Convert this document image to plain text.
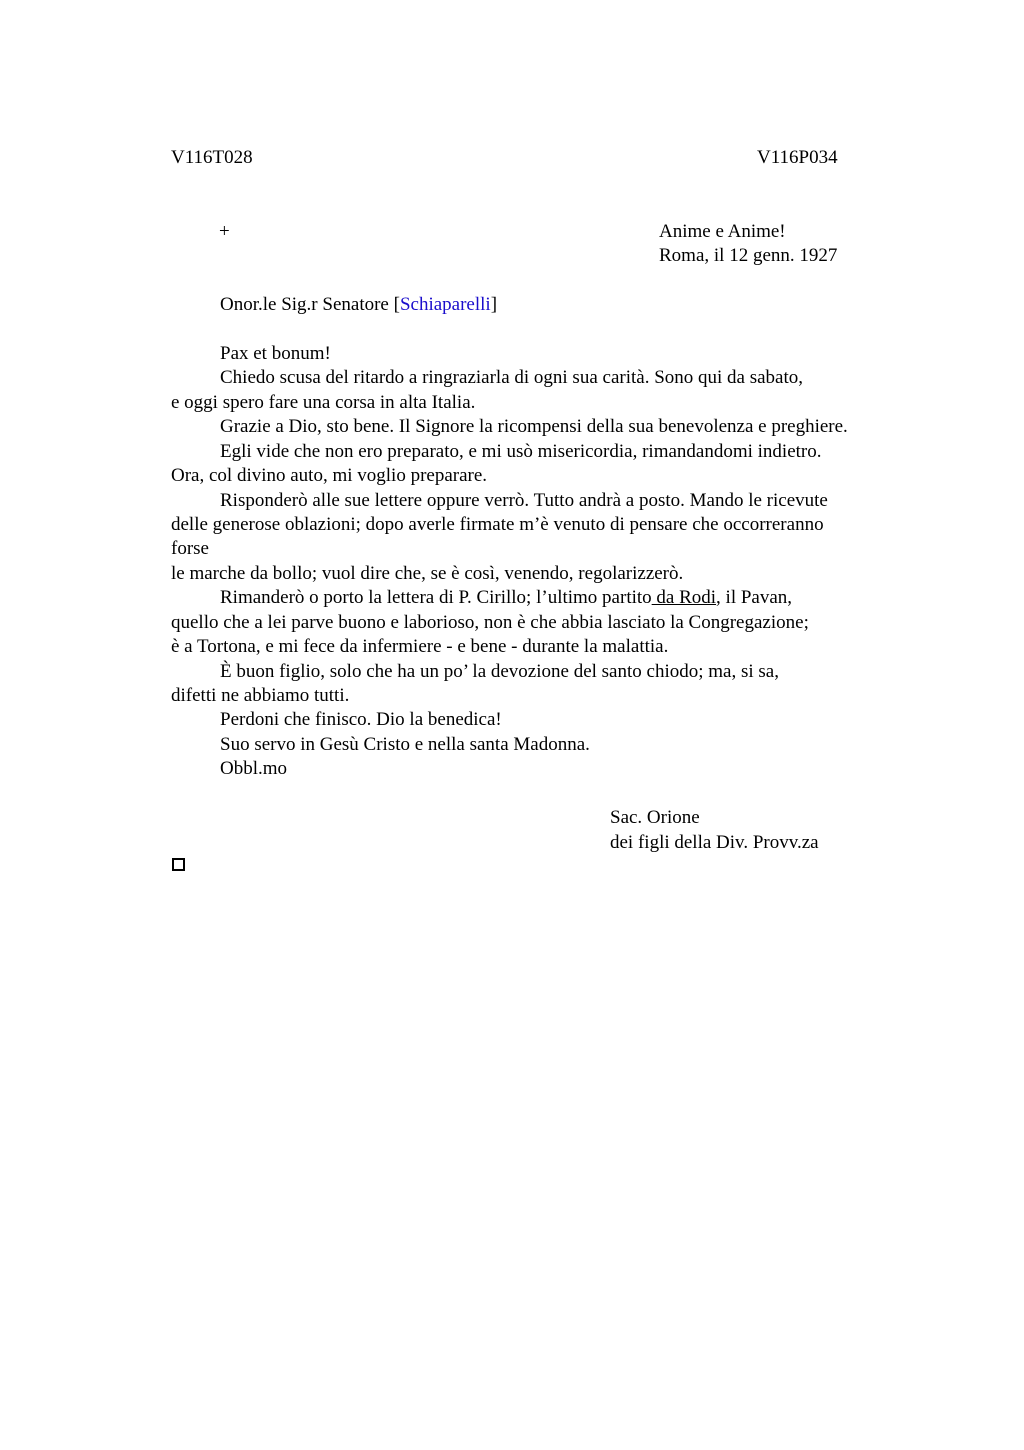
V116T028	V116P034
+	Anime e Anime!
Roma, il 12 genn. 1927
Onor.le Sig.r Senatore [Schiaparelli]
Pax et bonum!
Chiedo scusa del ritardo a ringraziarla di ogni sua carità. Sono qui da sabato,
e oggi spero fare una corsa in alta Italia.
Grazie a Dio, sto bene. Il Signore la ricompensi della sua benevolenza e preghiere.
Egli vide che non ero preparato, e mi usò misericordia, rimandandomi indietro.
Ora, col divino auto, mi voglio preparare.
Risponderò alle sue lettere oppure verrò. Tutto andrà a posto. Mando le ricevute
delle generose oblazioni; dopo averle firmate m’è venuto di pensare che occorreranno
forse
le marche da bollo; vuol dire che, se è così, venendo, regolarizzerò.
Rimanderò o porto la lettera di P. Cirillo; l’ultimo partito da Rodi, il Pavan,
quello che a lei parve buono e laborioso, non è che abbia lasciato la Congregazione;
è a Tortona, e mi fece da infermiere - e bene - durante la malattia.
È buon figlio, solo che ha un po’ la devozione del santo chiodo; ma, si sa,
difetti ne abbiamo tutti.
Perdoni che finisco. Dio la benedica!
Suo servo in Gesù Cristo e nella santa Madonna.
Obbl.mo
Sac. Orione
dei figli della Div. Provv.za
